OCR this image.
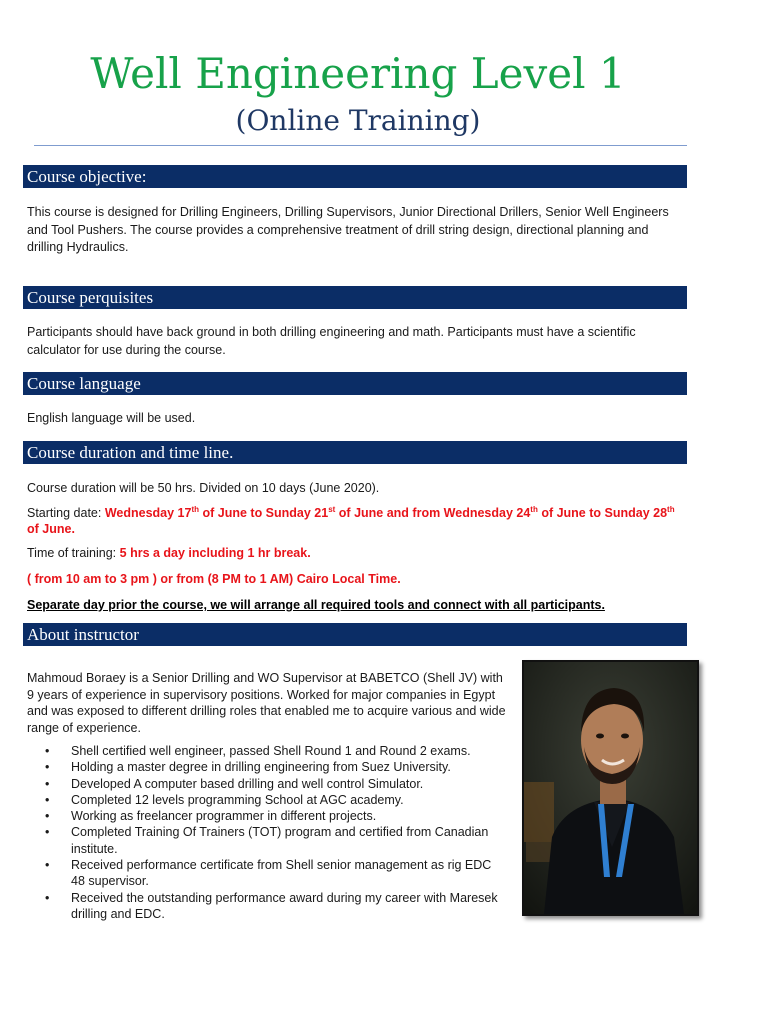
Well Engineering Level 1
(Online Training)
Course objective:
This course is designed for Drilling Engineers, Drilling Supervisors, Junior Directional Drillers, Senior Well Engineers and Tool Pushers. The course provides a comprehensive treatment of drill string design, directional planning and drilling Hydraulics.
Course perquisites
Participants should have back ground in both drilling engineering and math. Participants must have a scientific calculator for use during the course.
Course language
English language will be used.
Course duration and time line.
Course duration will be 50 hrs. Divided on 10 days (June 2020).
Starting date: Wednesday 17th of June to Sunday 21st of June and from Wednesday 24th of June to Sunday 28th of June.
Time of training: 5 hrs a day including 1 hr break.
( from 10 am to 3 pm ) or from (8 PM to 1 AM) Cairo Local Time.
Separate day prior the course, we will arrange all required tools and connect with all participants.
About instructor
Mahmoud Boraey is a Senior Drilling and WO Supervisor at BABETCO (Shell JV) with 9 years of experience in supervisory positions. Worked for major companies in Egypt and was exposed to different drilling roles that enabled me to acquire various and wide range of experience.
• Shell certified well engineer, passed Shell Round 1 and Round 2 exams.
• Holding a master degree in drilling engineering from Suez University.
• Developed A computer based drilling and well control Simulator.
• Completed 12 levels programming School at AGC academy.
• Working as freelancer programmer in different projects.
• Completed Training Of Trainers (TOT) program and certified from Canadian institute.
• Received performance certificate from Shell senior management as rig EDC 48 supervisor.
• Received the outstanding performance award during my career with Maresek drilling and EDC.
